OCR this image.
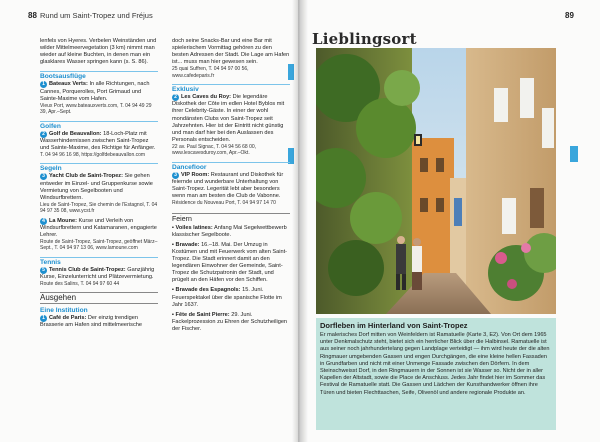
88 Rund um Saint-Tropez und Fréjus

lenfels von Hyeres. Verbelen Weinständen und wilder Mittelmeervegetation (3 km) nimmt man wieder auf kleine Buchten, in denen man ein glasklares Wasser springen kann (s. S. 86).

Bootsausflüge

1 Bateaux Verts: In alle Richtungen, nach Cannes, Porquerolles, Port Grimaud und Sainte-Maxime vom Hafen.
Vieux Port, www.bateauxverts.com, T. 04 94 49 29 39, Apr.–Sept.

Golfen

2 Golf de Beauvallon: 18-Loch-Platz mit Wasserhindernissen zwischen Saint-Tropez und Sainte-Maxime, des Richtige für Anfänger.
T. 04 94 96 16 98, https://golfdebeauvallon.com

Segeln

3 Yacht Club de Saint-Tropez: Sie gehen entweder im Einzel- und Gruppenkurse sowie Vermietung von Segelbooten und Windsurfbrettern.
Lieu de Saint-Tropez, Sie chemin de l'Estagnol, T. 04 94 97 35 08, www.ycst.fr

4 La Moune: Kurse und Verleih von Windsurfbrettern und Katamaranen, engagierte Lehrer.
Route de Saint-Tropez, Saint-Tropez, geöffnet März–Sept., T. 04 94 97 13 06, www.lamoune.com

Tennis

5 Tennis Club de Saint-Tropez: Ganzjährig Kurse, Einzelunterricht und Plätzevermietung.
Route des Salins, T. 04 94 97 60 44

Ausgehen
Eine Institution

1 Café de Paris: Der einzig trendigen Brasserie am Hafen sind mittelmeerische

doch seine Snacks-Bar und eine Bar mit spielerischem Vormittag gehören zu den besten Adressen der Stadt. Die Lage am Hafen ist... muss man hier gewesen sein.
25 quai Suffren, T. 04 94 97 00 56, www.cafedeparis.fr

Exklusiv

2 Les Caves du Roy: Die legendäre Diskothek der Côte im edlen Hotel Byblos mit ihrer Celebrity-Gäste. In einer der wohl mondänsten Clubs von Saint-Tropez seit Jahrzehnten. Hier ist der Eintritt nicht günstig und man darf hier bei den Auslassen des Personals entscheiden.
22 av. Paul Signac, T. 04 94 56 68 00, www.lescavesduroy.com, Apr.–Okt.

Dancefloor

3 VIP Room: Restaurant und Diskothek für feiernde und wunderbare Unterhaltung von Saint-Tropez. Legerität lebt aber besonders wenn man am besten die Club de Vabonne.
Résidence du Nouveau Port, T. 04 94 97 14 70

Feiern

▪ Voiles latines: Anfang Mai Segelwettbewerb klassischer Segelboote.

▪ Bravade: 16.–18. Mai. Der Umzug in Kostümen und mit Feuerwerk vom alten Saint-Tropez. Die Stadt erinnert damit an den legendären Einwohner der Gemeinde, Saint-Tropez die Schutzpatronin der Stadt, und prügelt an den Häfen vor den Schiffen.

▪ Bravade des Espagnols: 15. Juni. Feuerspektakel über die spanische Flotte im Jahr 1637.

▪ Fête de Saint Pierre: 29. Juni. Fackelprozession zu Ehren der Schutzheiligen der Fischer.

89
Lieblingsort
Dorfleben im Hinterland von Saint-Tropez
Er malerisches Dorf mitten von Weinfeldern ist Ramatuelle (Karte 3, E2). Von Ort dem 1965 unter Denkmalschutz steht, bietet sich ein herrlicher Blick über die Halbinsel. Ramatuelle ist aus seiner noch jahrhundertelang gegen Landplage verteidigt — ihm wird heute der die alten Ringmauer umgebenden Gassen und engen Durchgängen, die eine kleine hellen Fassaden in Grundfarben und nicht mit einer Unmenge Fassade zwischen den Dörfern. In dem Steinschweisst Dorf, in den Ringmauern in der Sonnen ist sie Wasser so. Nicht der in aller Kapellen der Altstadt, sowie die Place de Anschluss. Jedes Jahr findet hier im Sommer das Festival de Ramatuelle statt. Die Gassen und Lädchen der Kunsthandwerker öffnen ihre Türen und bieten Flechttaschen, Seife, Olivenöl und andere regionale Produkte an.
